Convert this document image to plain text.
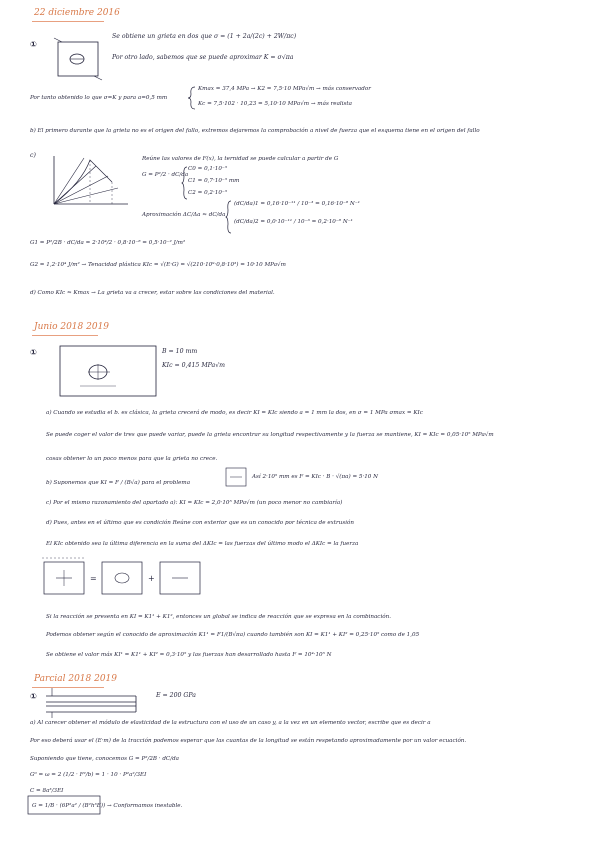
22 diciembre 2016
①
Se obtiene un grieta en dos que σ = (1 + 2a/(2c) + 2W/πc)
Por otro lado, sabemos que se puede aproximar K = σ√πa
Por tanto obtenido lo que σ=K y para a=0,5 mm
Kmax = 37,4 MPa → K2 = 7,5·10 MPa√m → más conservador
Kc = 7,5·102 · 10,23 = 5,10·10 MPa√m → más realista
b) El primero durante que la grieta no es el origen del fallo, extremos dejaremos la comprobación a nivel de fuerza que el esquema tiene en el origen del fallo
c)	Reúne las valores de F(x), la ternidad se puede calcular a partir de G
G = P²/2 · dC/da
C0 = 0,1·10⁻⁵
C1 = 0,7·10⁻⁵ mm
C2 = 0,2·10⁻⁵
Aproximación ΔC/Δa ≈ dC/da
(dC/da)1 = 0,16·10⁻¹¹ / 10⁻³ = 0,16·10⁻⁸ N⁻¹
(dC/da)2 = 0,0·10⁻¹¹ / 10⁻³ = 0,2·10⁻⁸ N⁻¹
G1 = P²/2B · dC/da = 2·10⁴/2 · 0,8·10⁻⁸ = 0,5·10⁻² J/m²
G2 = 1,2·10⁴ J/m² → Tenacidad plástica KIc = √(E·G) = √(210·10⁹·0,8·10³) = 10·10 MPa√m
d) Como KIc ≈ Kmax → La grieta va a crecer, estar sobre las condiciones del material.
Junio 2018 2019
①	B = 10 mm
KIc = 0,415 MPa√m
a) Cuando se estudia el b. es clásica, la grieta crecerá de modo, es decir KI = KIc siendo a = 1 mm la dos, en σ = 1 MPa σmax = KIc
Se puede coger el valor de tres que puede variar, puede la grieta encontrar su longitud respectivamente y la fuerza se mantiene, KI = KIc = 0,05·10⁵ MPa√m
cosas obtener lo un poco menos para que la grieta no crece.
b) Suponemos que KI = F / (B√a) para el problema
Así 2·10⁵ mm es F = KIc · B · √(πa) = 5·10 N
c) Por el mismo razonamiento del apartado a): KI = KIc = 2,0·10⁵ MPa√m (un poco menor no cambiaría)
d) Pues, antes en el último que es condición Reúne con exterior que es un conocido por técnica de extrusión
El KIc obtenido sea la última diferencia en la suma del ΔKIc = las fuerzas del último modo el ΔKIc = la fuerza
=	+
Si la reacción se presenta en KI = K1¹ + K1², entonces un global se indica de reacción que se expresa en la combinación.
Podemos obtener según el conocido de aproximación K1¹ = F1/(B√πa) cuando también son KI = K1¹ + KI² = 0,25·10⁵ como de 1,05
Se obtiene el valor más KI¹ = K1¹ + KI² = 0,3·10⁵ y las fuerzas han desarrollado hasta F = 10⁴·10⁵ N
Parcial 2018 2019
①	E = 200 GPa
a) Al carecer obtener el módulo de elasticidad de la estructura con el uso de un caso y, a la vez en un elemento vector, escribe que es decir a
Por eso deberá usar el (E·m) de la tracción podemos esperar que las cuantas de la longitud se están respetando aproximadamente por un valor ecuación.
Suponiendo que tiene, conocemos G = P²/2B · dC/da
G⁰ = ω = 2 (1/2 · F²/b) = 1 · 10 · P²a²/3EI
C = 8a³/3EI
G = 1/B · (6P²a² / (B²h³E)) → Conformamos inestable.
